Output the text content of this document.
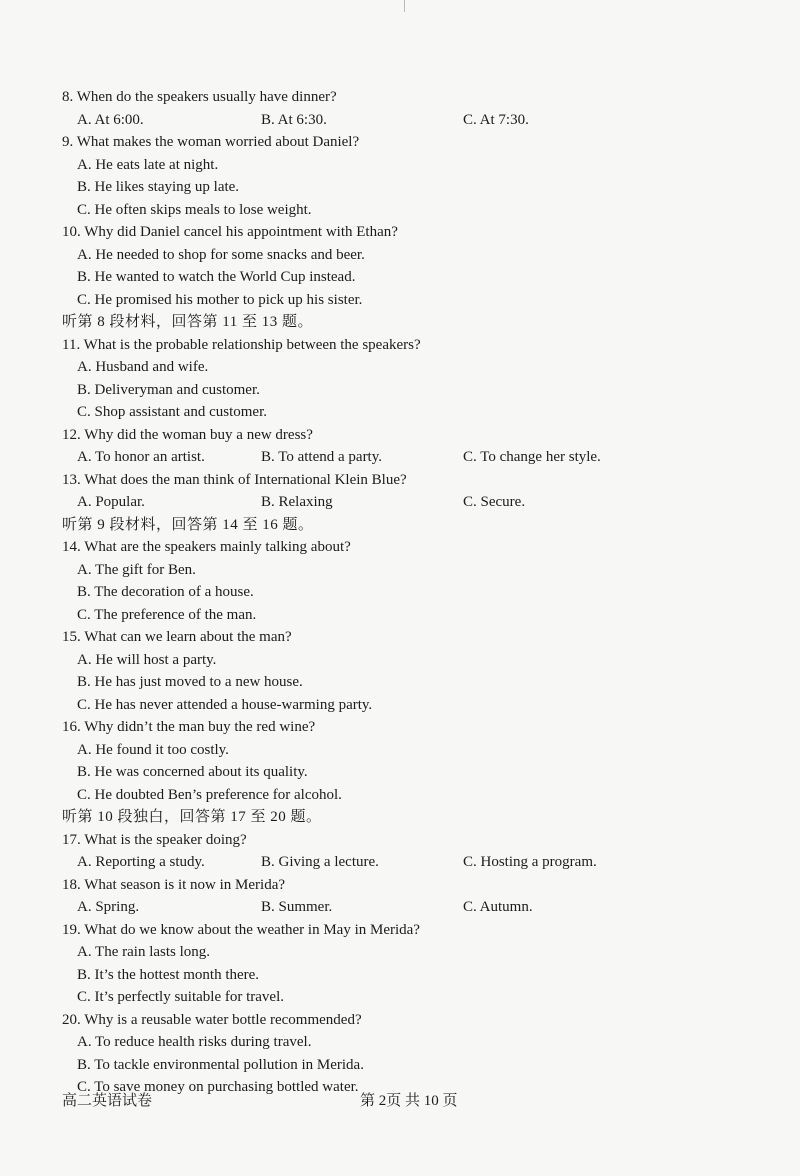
8. When do the speakers usually have dinner?
A. At 6:00.	B. At 6:30.	C. At 7:30.
9. What makes the woman worried about Daniel?
A. He eats late at night.
B. He likes staying up late.
C. He often skips meals to lose weight.
10. Why did Daniel cancel his appointment with Ethan?
A. He needed to shop for some snacks and beer.
B. He wanted to watch the World Cup instead.
C. He promised his mother to pick up his sister.
听第 8 段材料，回答第 11 至 13 题。
11. What is the probable relationship between the speakers?
A. Husband and wife.
B. Deliveryman and customer.
C. Shop assistant and customer.
12. Why did the woman buy a new dress?
A. To honor an artist.	B. To attend a party.	C. To change her style.
13. What does the man think of International Klein Blue?
A. Popular.	B. Relaxing	C. Secure.
听第 9 段材料，回答第 14 至 16 题。
14. What are the speakers mainly talking about?
A. The gift for Ben.
B. The decoration of a house.
C. The preference of the man.
15. What can we learn about the man?
A. He will host a party.
B. He has just moved to a new house.
C. He has never attended a house-warming party.
16. Why didn’t the man buy the red wine?
A. He found it too costly.
B. He was concerned about its quality.
C. He doubted Ben’s preference for alcohol.
听第 10 段独白，回答第 17 至 20 题。
17. What is the speaker doing?
A. Reporting a study.	B. Giving a lecture.	C. Hosting a program.
18. What season is it now in Merida?
A. Spring.	B. Summer.	C. Autumn.
19. What do we know about the weather in May in Merida?
A. The rain lasts long.
B. It’s the hottest month there.
C. It’s perfectly suitable for travel.
20. Why is a reusable water bottle recommended?
A. To reduce health risks during travel.
B. To tackle environmental pollution in Merida.
C. To save money on purchasing bottled water.
高二英语试卷	第 2页 共 10 页
